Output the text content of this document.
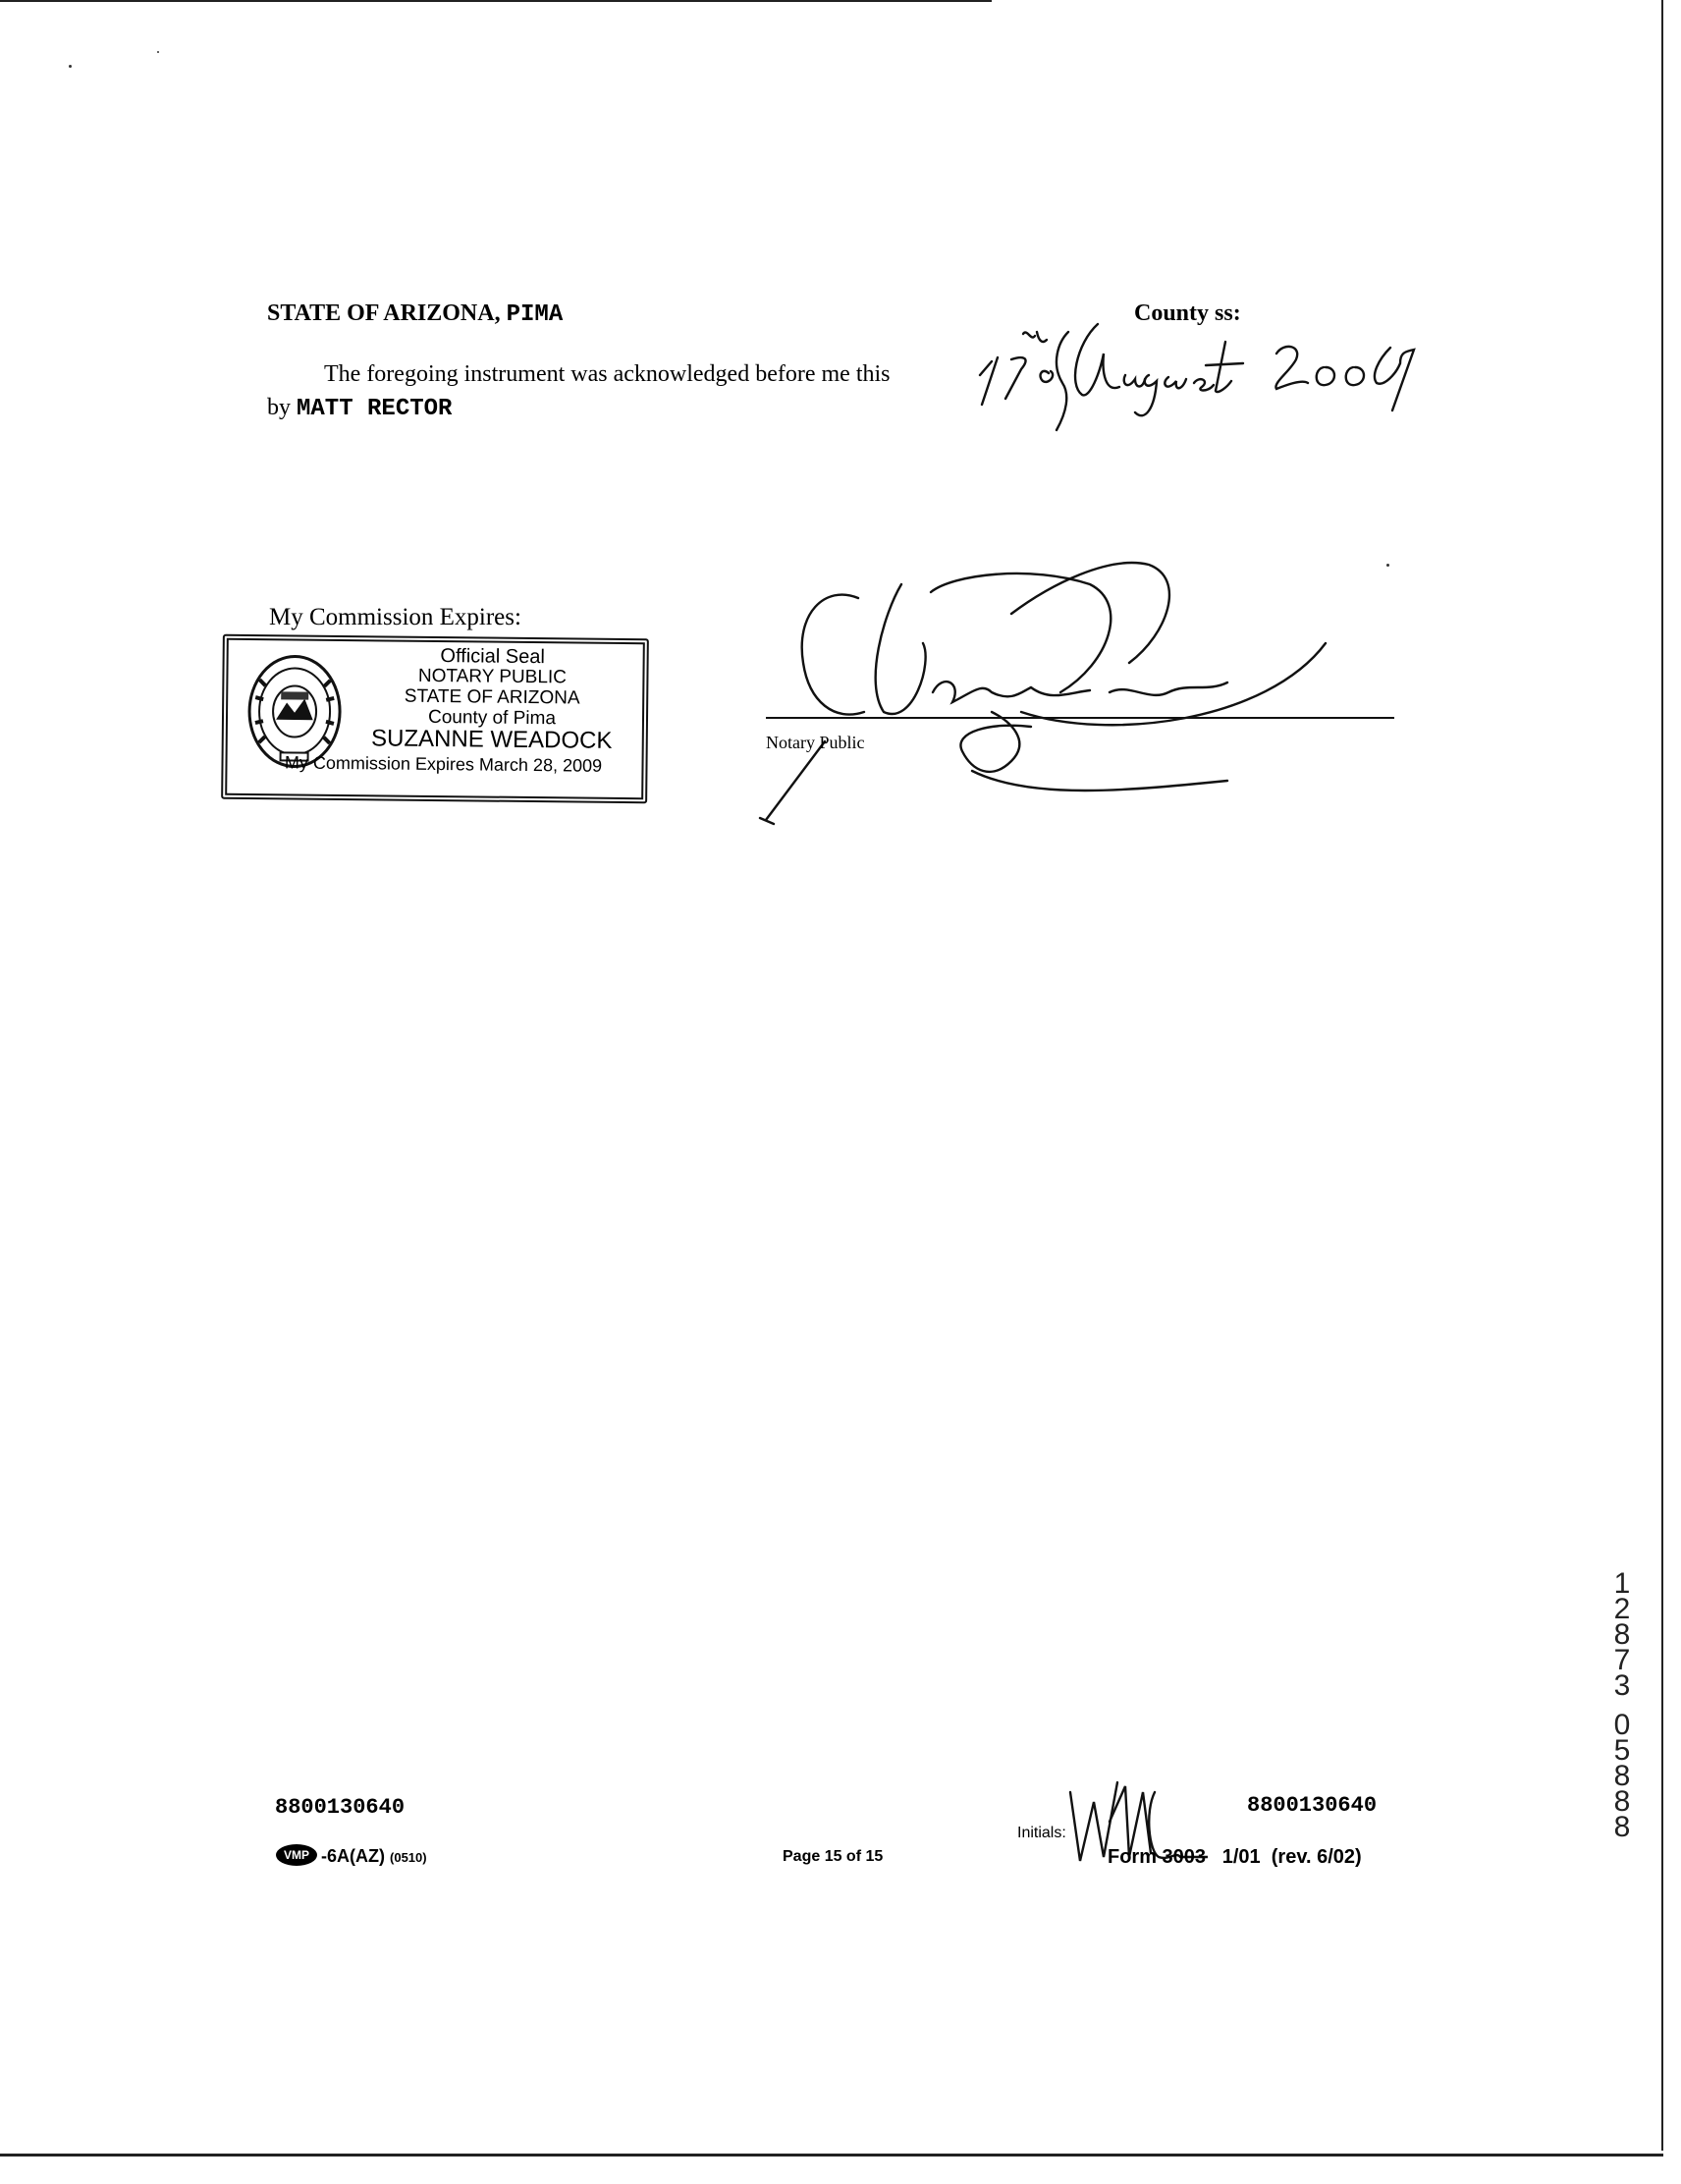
STATE OF ARIZONA, PIMA	County ss:
The foregoing instrument was acknowledged before me this
by MATT RECTOR
My Commission Expires:
Official Seal
NOTARY PUBLIC
STATE OF ARIZONA
County of Pima
SUZANNE WEADOCK
My Commission Expires March 28, 2009
Notary Public
8800130640	8800130640
VMP -6A(AZ) (0510)	Page 15 of 15
Initials:
Form 3003   1/01  (rev. 6/02)
1
2
8
7
3
0
5
8
8
8
